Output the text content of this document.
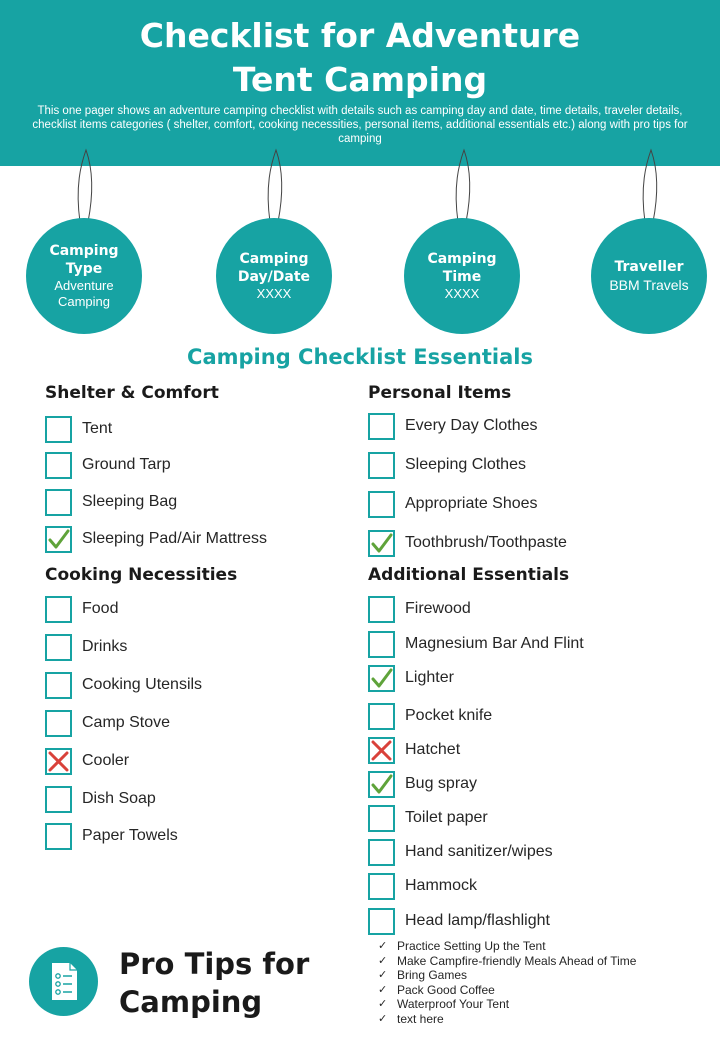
Checklist for Adventure
Tent Camping
This one pager shows an adventure camping checklist with details such as camping day and date, time details, traveler details, checklist items categories ( shelter, comfort, cooking necessities, personal items, additional essentials etc.) along with pro tips for camping
Camping Type
Adventure Camping
Camping Day/Date
XXXX
Camping Time
XXXX
Traveller
BBM Travels
Camping Checklist Essentials
Shelter & Comfort	Personal Items
Cooking Necessities	Additional Essentials
Tent
Ground Tarp
Sleeping Bag
Sleeping Pad/Air Mattress
Every Day Clothes
Sleeping Clothes
Appropriate Shoes
Toothbrush/Toothpaste
Food
Drinks
Cooking Utensils
Camp Stove
Cooler
Dish Soap
Paper Towels
Firewood
Magnesium Bar And Flint
Lighter
Pocket knife
Hatchet
Bug spray
Toilet paper
Hand sanitizer/wipes
Hammock
Head lamp/flashlight
Pro Tips for
Camping
✓ Practice Setting Up the Tent
✓ Make Campfire-friendly Meals Ahead of Time
✓ Bring Games
✓ Pack Good Coffee
✓ Waterproof Your Tent
✓ text here
